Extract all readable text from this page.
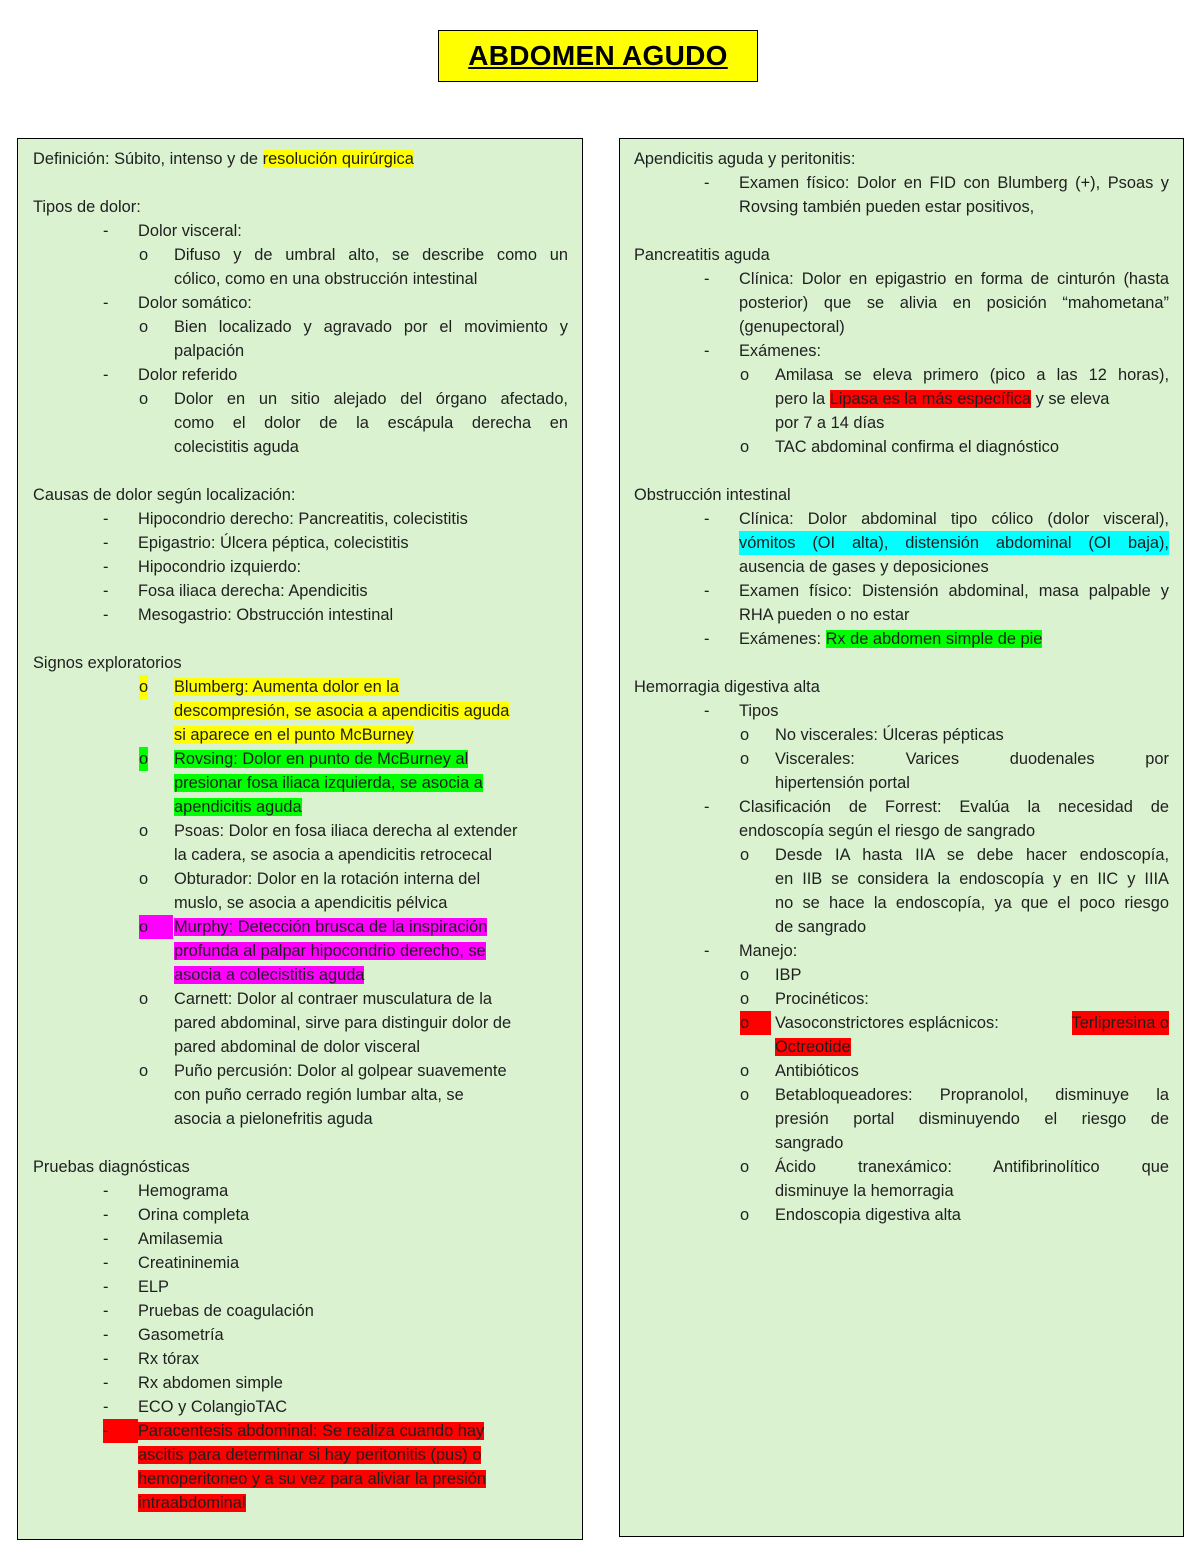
ABDOMEN AGUDO
Definición: Súbito, intenso y de resolución quirúrgica
Tipos de dolor:
- Dolor visceral:
o Difuso y de umbral alto, se describe como un
cólico, como en una obstrucción intestinal
- Dolor somático:
o Bien localizado y agravado por el movimiento y
palpación
- Dolor referido
o Dolor en un sitio alejado del órgano afectado,
como el dolor de la escápula derecha en
colecistitis aguda
Causas de dolor según localización:
- Hipocondrio derecho: Pancreatitis, colecistitis
- Epigastrio: Úlcera péptica, colecistitis
- Hipocondrio izquierdo:
- Fosa iliaca derecha: Apendicitis
- Mesogastrio: Obstrucción intestinal
Signos exploratorios
o Blumberg: Aumenta dolor en la
descompresión, se asocia a apendicitis aguda
si aparece en el punto McBurney
o Rovsing: Dolor en punto de McBurney al
presionar fosa iliaca izquierda, se asocia a
apendicitis aguda
o Psoas: Dolor en fosa iliaca derecha al extender
la cadera, se asocia a apendicitis retrocecal
o Obturador: Dolor en la rotación interna del
muslo, se asocia a apendicitis pélvica
o	Murphy: Detección brusca de la inspiración
profunda al palpar hipocondrio derecho, se
asocia a colecistitis aguda
o Carnett: Dolor al contraer musculatura de la
pared abdominal, sirve para distinguir dolor de
pared abdominal de dolor visceral
o Puño percusión: Dolor al golpear suavemente
con puño cerrado región lumbar alta, se
asocia a pielonefritis aguda
Pruebas diagnósticas
- Hemograma
- Orina completa
- Amilasemia
- Creatininemia
- ELP
- Pruebas de coagulación
- Gasometría
- Rx tórax
- Rx abdomen simple
- ECO y ColangioTAC
-	Paracentesis abdominal: Se realiza cuando hay
ascitis para determinar si hay peritonitis (pus) o
hemoperitoneo y a su vez para aliviar la presión
intraabdominal
Apendicitis aguda y peritonitis:
- Examen físico: Dolor en FID con Blumberg (+), Psoas y
Rovsing también pueden estar positivos,
Pancreatitis aguda
- Clínica: Dolor en epigastrio en forma de cinturón (hasta
posterior) que se alivia en posición “mahometana”
(genupectoral)
- Exámenes:
o Amilasa se eleva primero (pico a las 12 horas),
pero la Lipasa es la más específica y se eleva
por 7 a 14 días
o TAC abdominal confirma el diagnóstico
Obstrucción intestinal
- Clínica: Dolor abdominal tipo cólico (dolor visceral),
vómitos (OI alta), distensión abdominal (OI baja),
ausencia de gases y deposiciones
- Examen físico: Distensión abdominal, masa palpable y
RHA pueden o no estar
- Exámenes: Rx de abdomen simple de pie
Hemorragia digestiva alta
- Tipos
o No viscerales: Úlceras pépticas
o Viscerales: Varices duodenales por
hipertensión portal
- Clasificación de Forrest: Evalúa la necesidad de
endoscopía según el riesgo de sangrado
o Desde IA hasta IIA se debe hacer endoscopía,
en IIB se considera la endoscopía y en IIC y IIIA
no se hace la endoscopía, ya que el poco riesgo
de sangrado
- Manejo:
o IBP
o Procinéticos:
o	Vasoconstrictores esplácnicos:	Terlipresina o
Octreotide
o Antibióticos
o Betabloqueadores: Propranolol, disminuye la
presión portal disminuyendo el riesgo de
sangrado
o Ácido tranexámico: Antifibrinolítico que
disminuye la hemorragia
o Endoscopia digestiva alta
